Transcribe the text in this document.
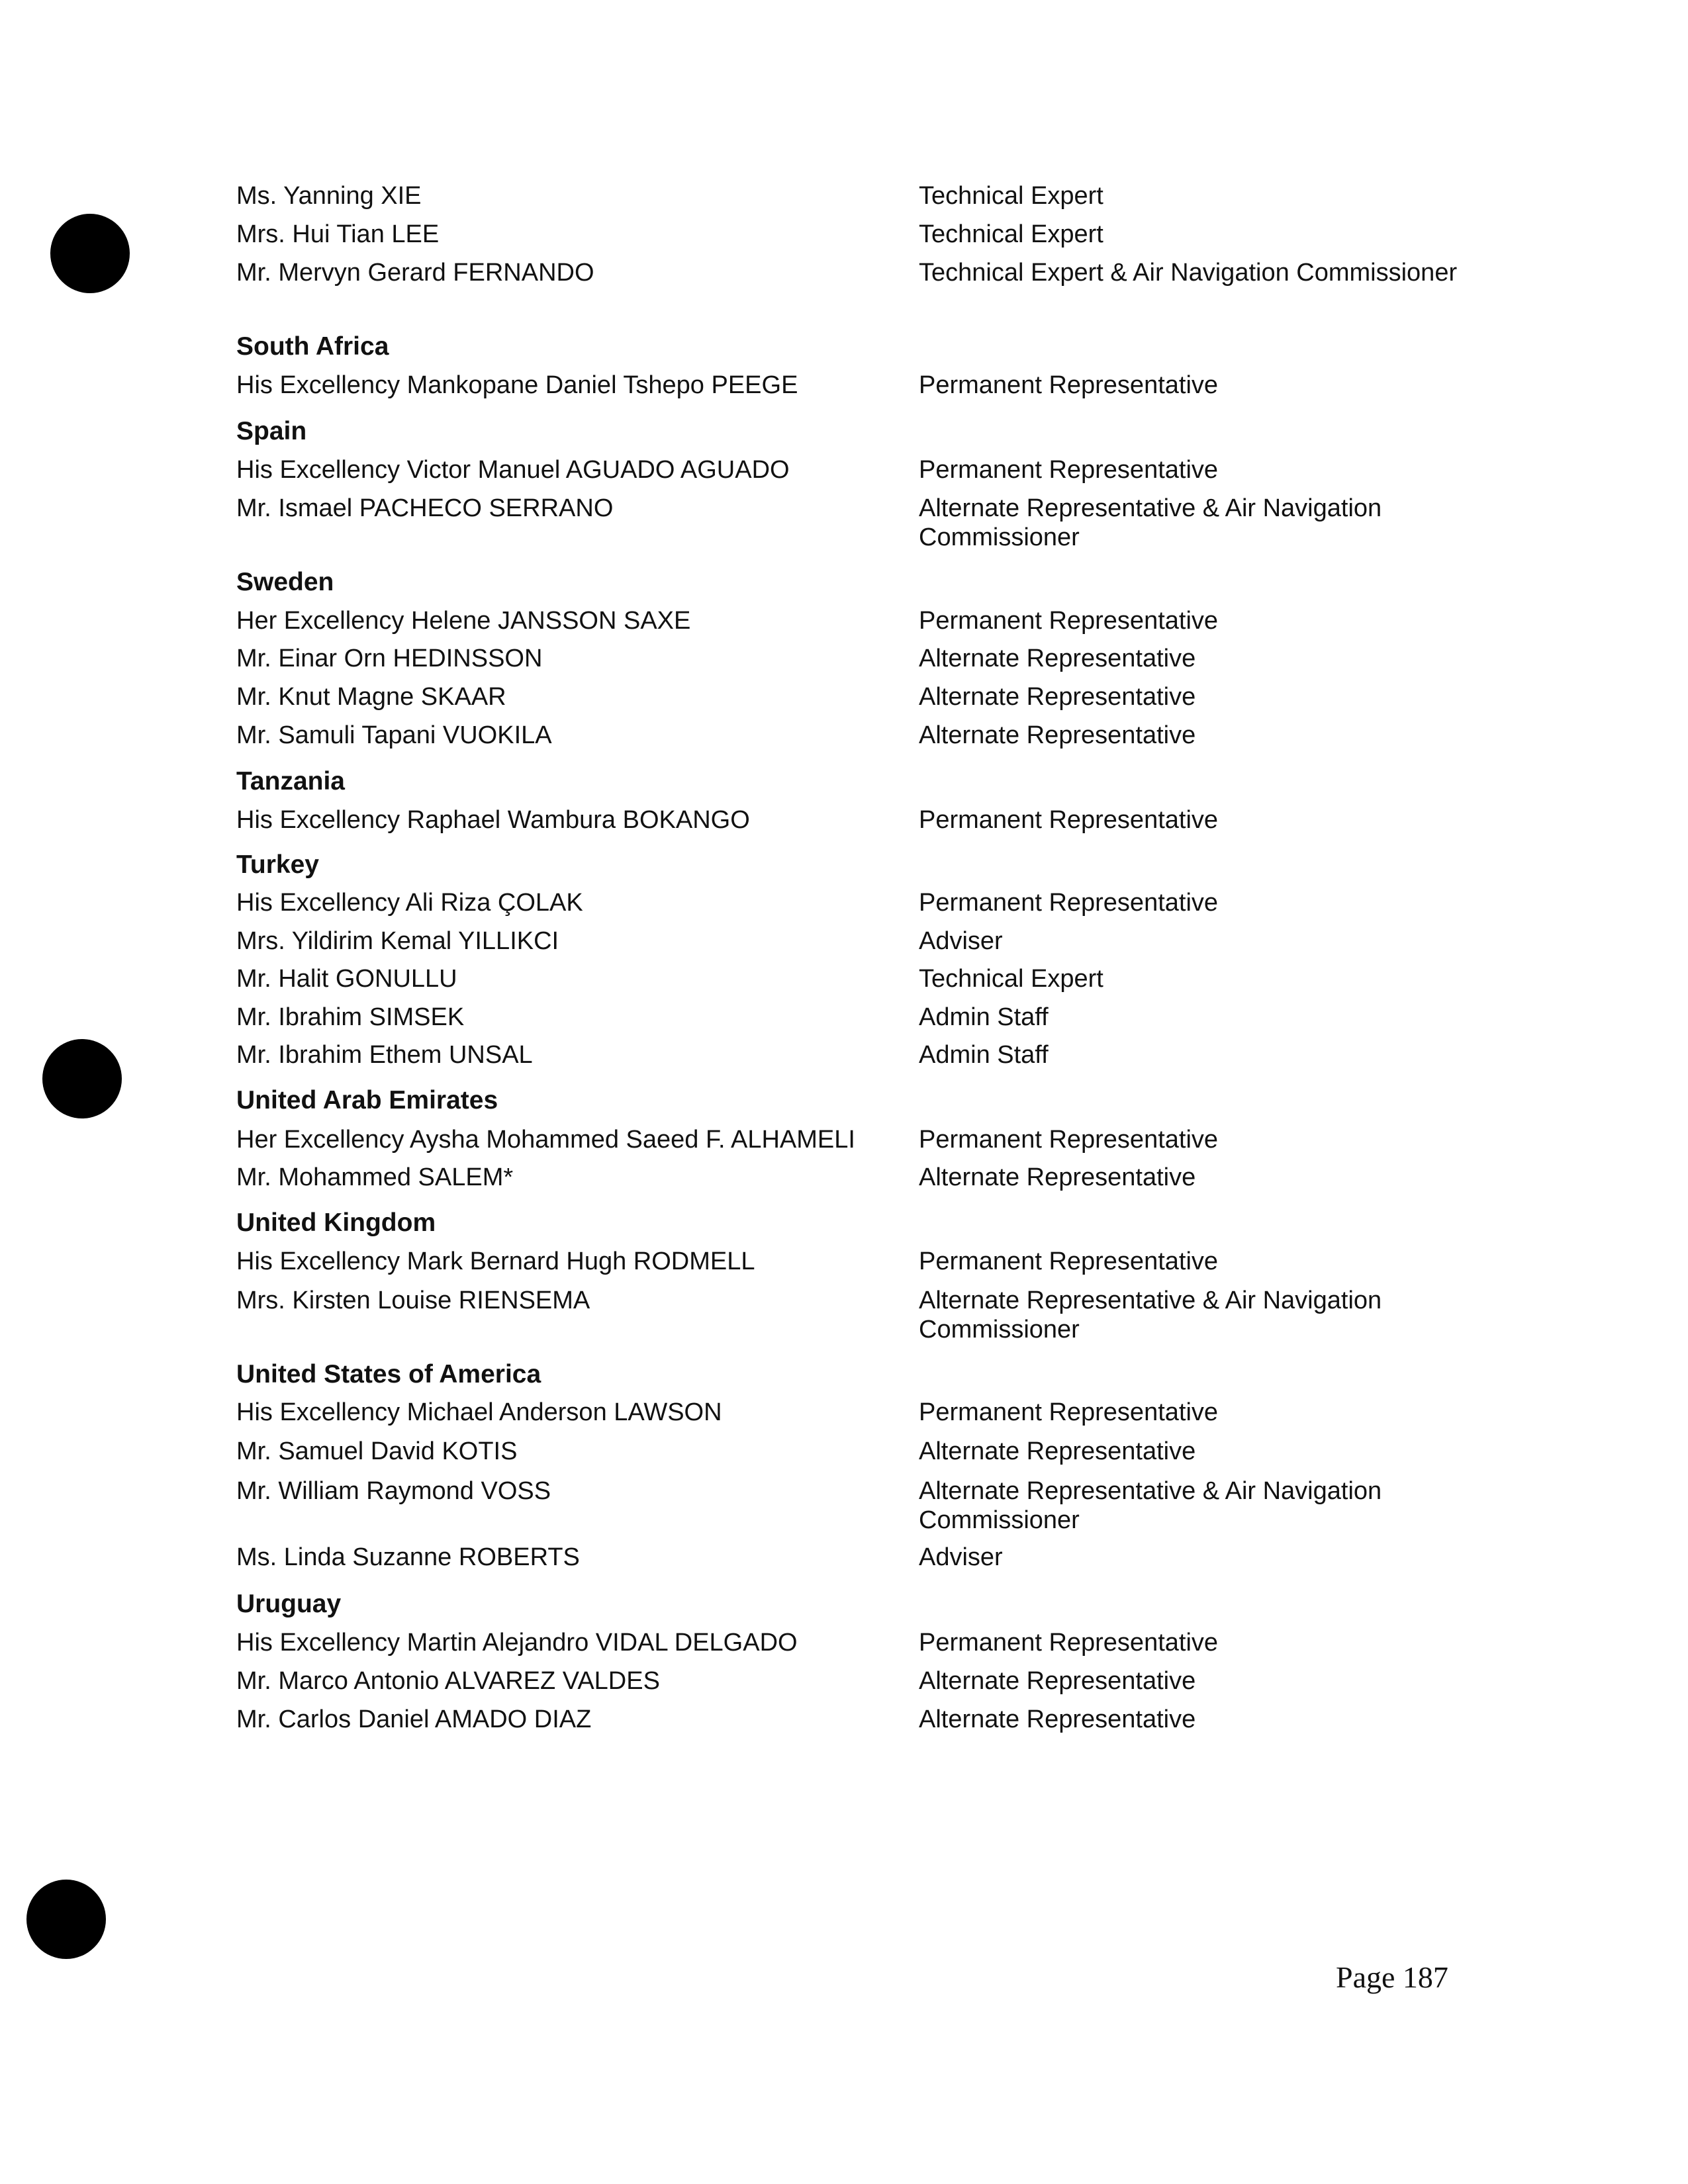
Ms. Yanning XIE	Technical Expert
Mrs. Hui Tian LEE	Technical Expert
Mr. Mervyn Gerard FERNANDO	Technical Expert & Air Navigation Commissioner
South Africa
His Excellency Mankopane Daniel Tshepo PEEGE	Permanent Representative
Spain
His Excellency Victor Manuel AGUADO AGUADO	Permanent Representative
Mr. Ismael PACHECO SERRANO	Alternate Representative & Air Navigation Commissioner
Sweden
Her Excellency Helene JANSSON SAXE	Permanent Representative
Mr. Einar Orn HEDINSSON	Alternate Representative
Mr. Knut Magne SKAAR	Alternate Representative
Mr. Samuli Tapani VUOKILA	Alternate Representative
Tanzania
His Excellency Raphael Wambura BOKANGO	Permanent Representative
Turkey
His Excellency Ali Riza ÇOLAK	Permanent Representative
Mrs. Yildirim Kemal YILLIKCI	Adviser
Mr. Halit GONULLU	Technical Expert
Mr. Ibrahim SIMSEK	Admin Staff
Mr. Ibrahim Ethem UNSAL	Admin Staff
United Arab Emirates
Her Excellency Aysha Mohammed Saeed F. ALHAMELI	Permanent Representative
Mr. Mohammed SALEM*	Alternate Representative
United Kingdom
His Excellency Mark Bernard Hugh RODMELL	Permanent Representative
Mrs. Kirsten Louise RIENSEMA	Alternate Representative & Air Navigation Commissioner
United States of America
His Excellency Michael Anderson LAWSON	Permanent Representative
Mr. Samuel David KOTIS	Alternate Representative
Mr. William Raymond VOSS	Alternate Representative & Air Navigation Commissioner
Ms. Linda Suzanne ROBERTS	Adviser
Uruguay
His Excellency Martin Alejandro VIDAL DELGADO	Permanent Representative
Mr. Marco Antonio ALVAREZ VALDES	Alternate Representative
Mr. Carlos Daniel AMADO DIAZ	Alternate Representative
Page 187
